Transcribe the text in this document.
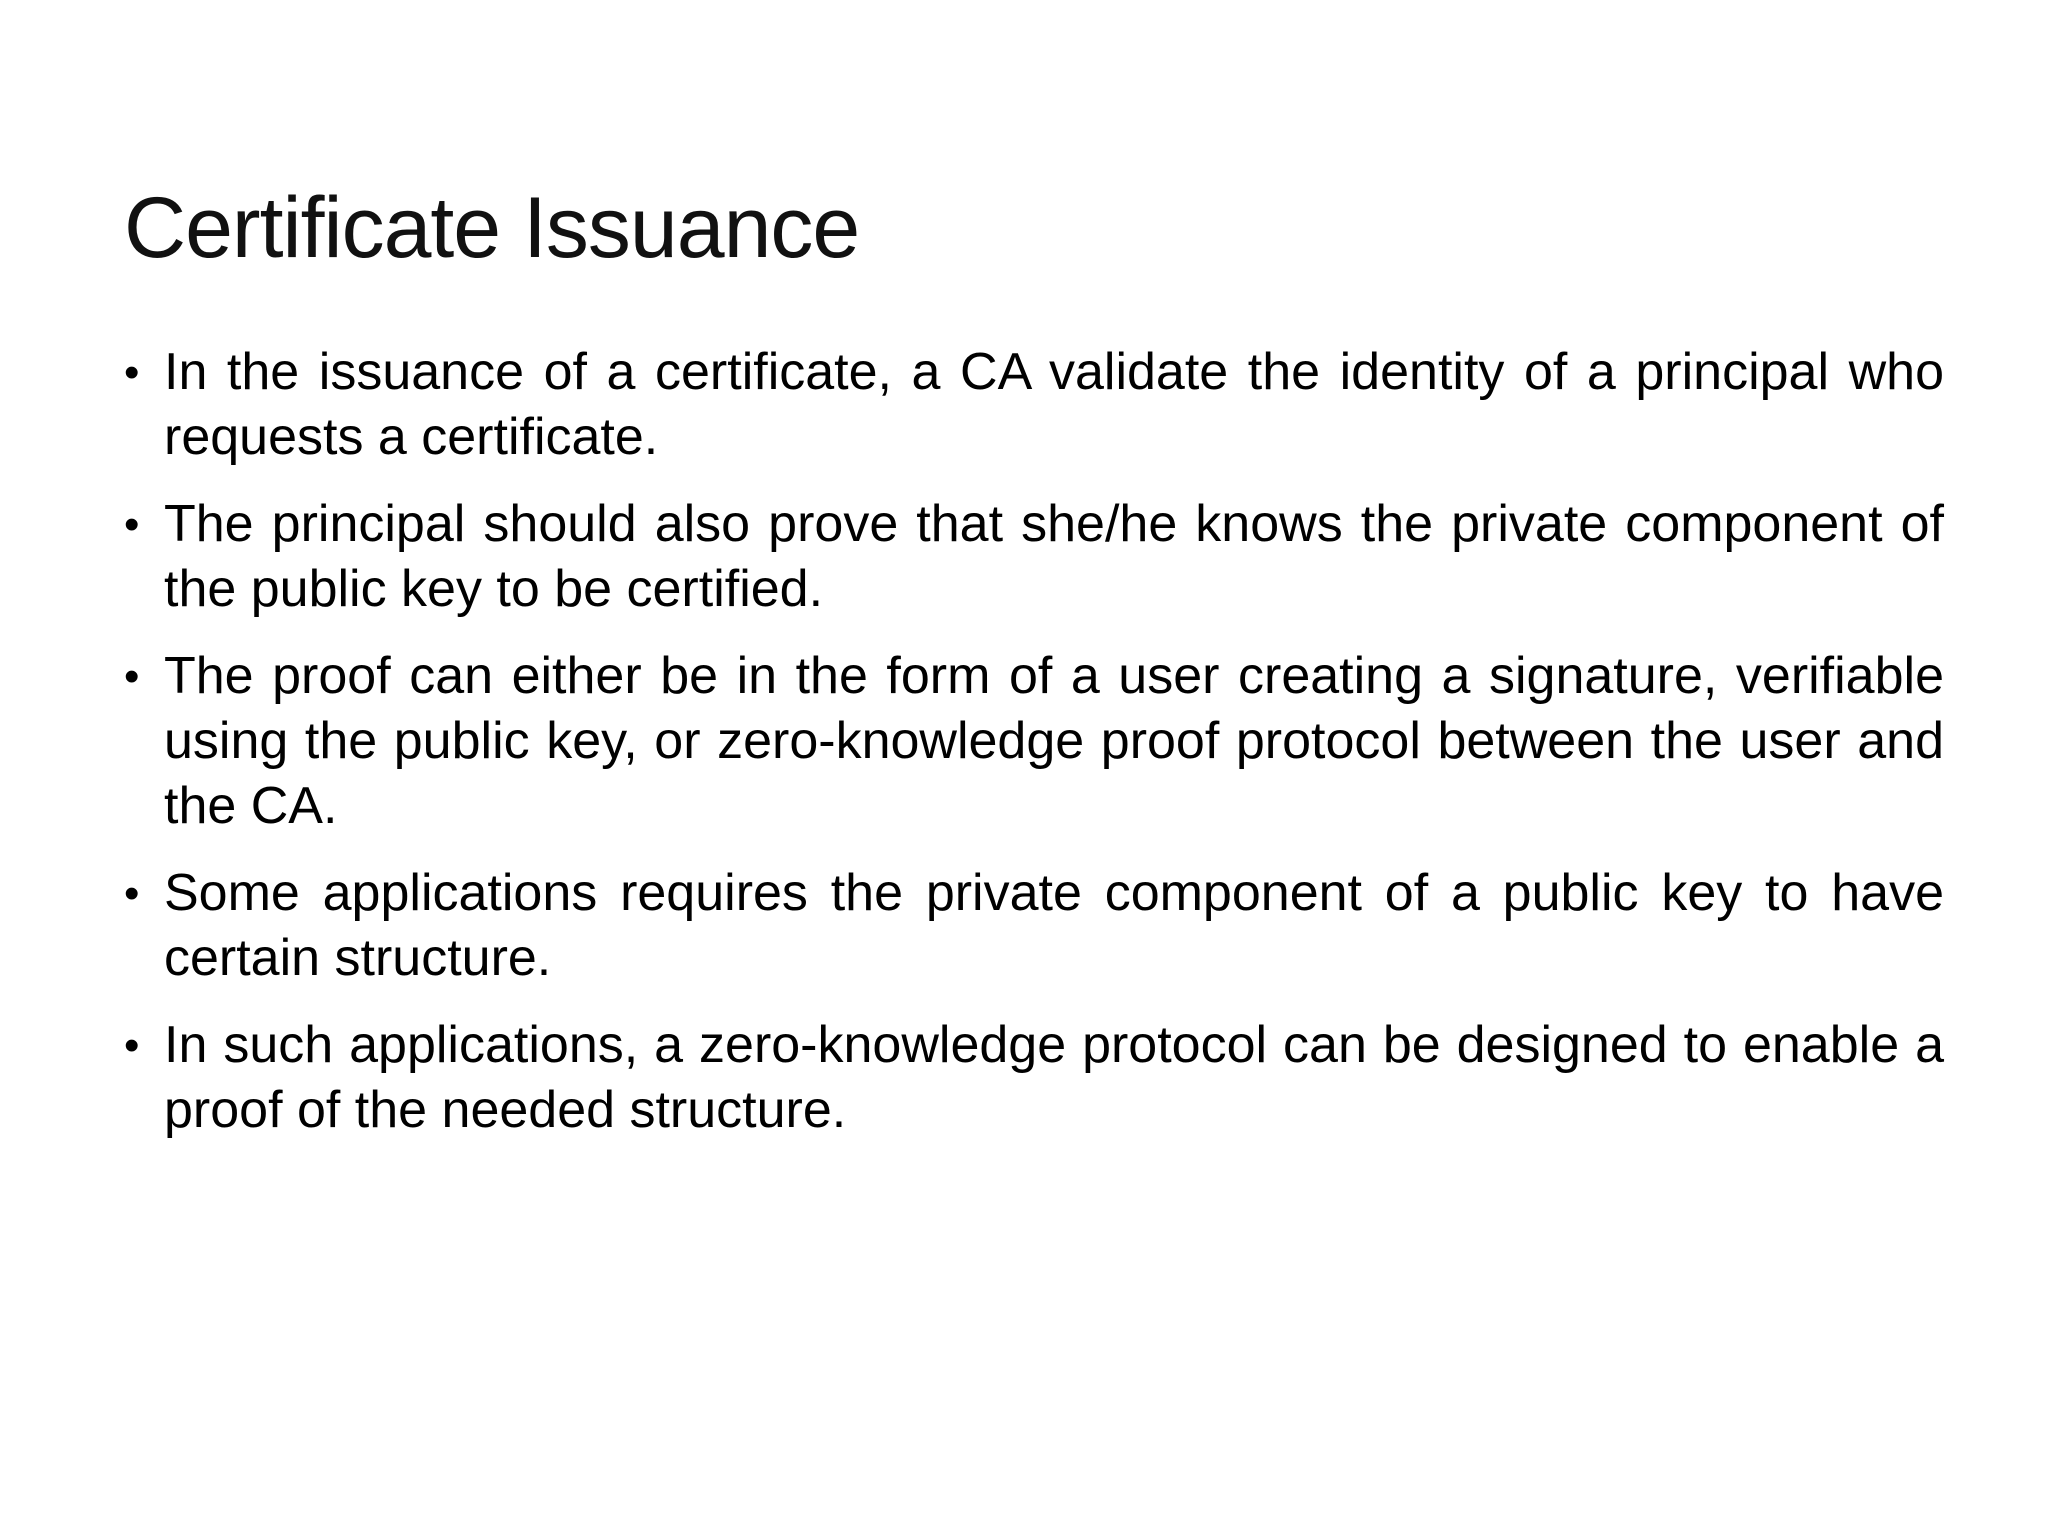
Certificate Issuance
• In the issuance of a certificate, a CA validate the identity of a principal who requests a certificate.
• The principal should also prove that she/he knows the private component of the public key to be certified.
• The proof can either be in the form of a user creating a signature, verifiable using the public key, or zero-knowledge proof protocol between the user and the CA.
• Some applications requires the private component of a public key to have certain structure.
• In such applications, a zero-knowledge protocol can be designed to enable a proof of the needed structure.
